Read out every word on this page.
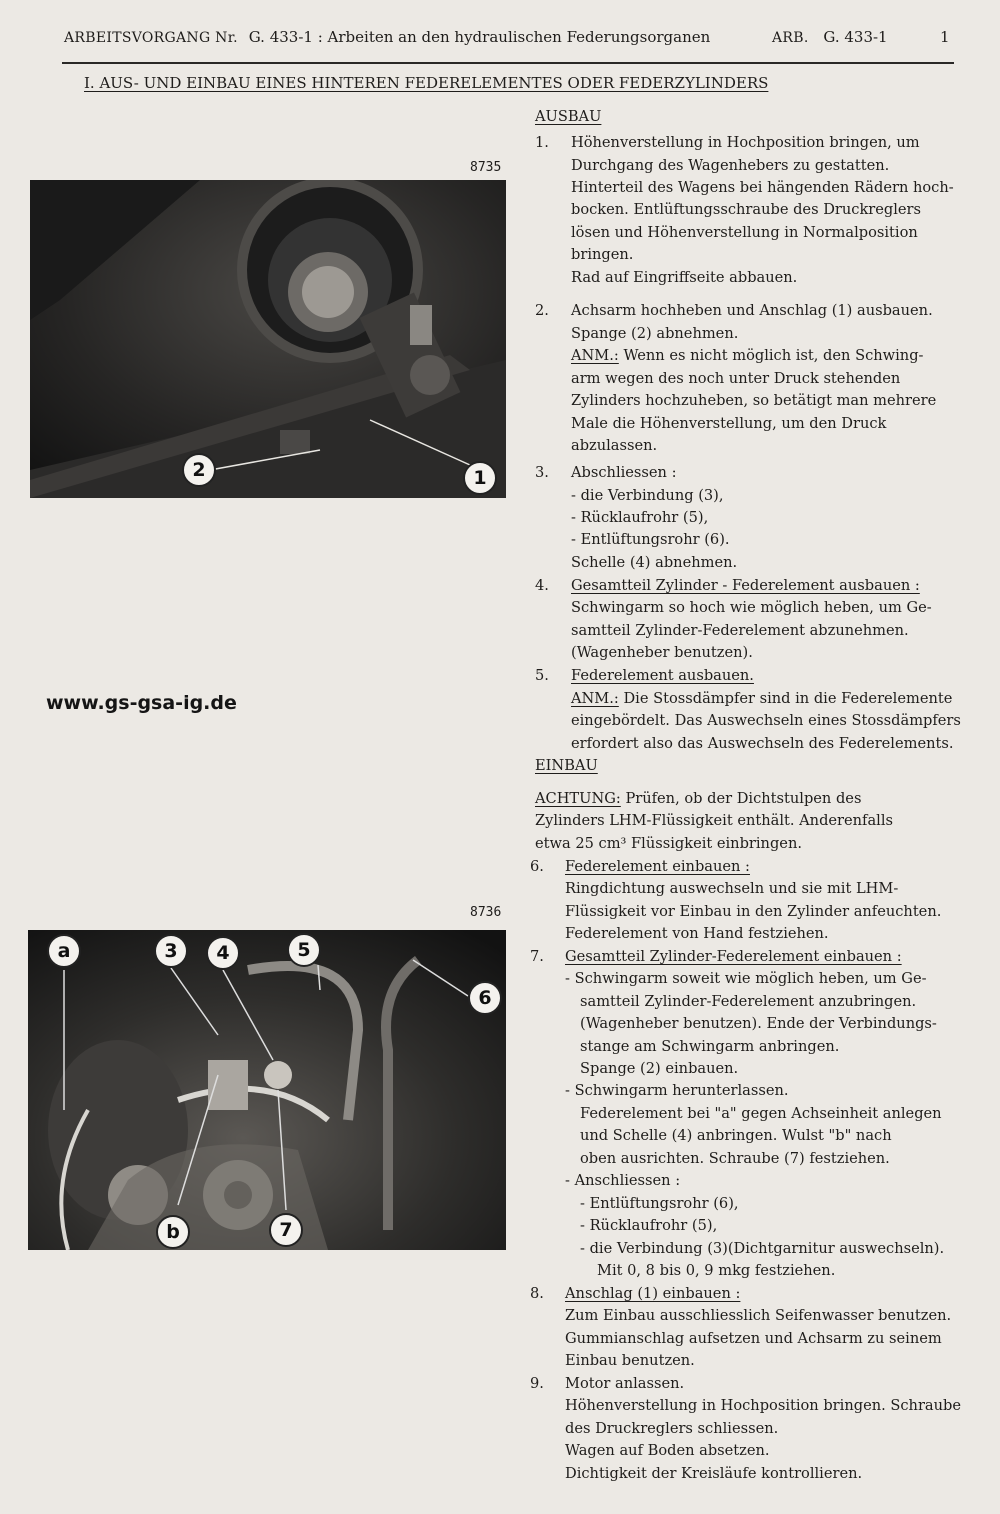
ARBEITSVORGANG Nr. G. 433-1 : Arbeiten an den hydraulischen Federungsorganen	ARB. G. 433-1	1
I. AUS- UND EINBAU EINES HINTEREN FEDERELEMENTES ODER FEDERZYLINDERS
8735
2	1
www.gs-gsa-ig.de
8736
a	3	4	5
6
b	7
AUSBAU
1. Höhenverstellung in Hochposition bringen, um
Durchgang des Wagenhebers zu gestatten.
Hinterteil des Wagens bei hängenden Rädern hoch-
bocken. Entlüftungsschraube des Druckreglers
lösen und Höhenverstellung in Normalposition
bringen.
Rad auf Eingriffseite abbauen.
2. Achsarm hochheben und Anschlag (1) ausbauen.
Spange (2) abnehmen.
ANM.: Wenn es nicht möglich ist, den Schwing-
arm wegen des noch unter Druck stehenden
Zylinders hochzuheben, so betätigt man mehrere
Male die Höhenverstellung, um den Druck
abzulassen.
3. Abschliessen :
- die Verbindung (3),
- Rücklaufrohr (5),
- Entlüftungsrohr (6).
Schelle (4) abnehmen.
4. Gesamtteil Zylinder - Federelement ausbauen :
Schwingarm so hoch wie möglich heben, um Ge-
samtteil Zylinder-Federelement abzunehmen.
(Wagenheber benutzen).
5. Federelement ausbauen.
ANM.: Die Stossdämpfer sind in die Federelemente
eingebördelt. Das Auswechseln eines Stossdämpfers
erfordert also das Auswechseln des Federelements.
EINBAU
ACHTUNG: Prüfen, ob der Dichtstulpen des
Zylinders LHM-Flüssigkeit enthält. Anderenfalls
etwa 25 cm³ Flüssigkeit einbringen.
6. Federelement einbauen :
Ringdichtung auswechseln und sie mit LHM-
Flüssigkeit vor Einbau in den Zylinder anfeuchten.
Federelement von Hand festziehen.
7. Gesamtteil Zylinder-Federelement einbauen :
- Schwingarm soweit wie möglich heben, um Ge-
samtteil Zylinder-Federelement anzubringen.
(Wagenheber benutzen). Ende der Verbindungs-
stange am Schwingarm anbringen.
Spange (2) einbauen.
- Schwingarm herunterlassen.
Federelement bei "a" gegen Achseinheit anlegen
und Schelle (4) anbringen. Wulst "b" nach
oben ausrichten. Schraube (7) festziehen.
- Anschliessen :
- Entlüftungsrohr (6),
- Rücklaufrohr (5),
- die Verbindung (3)(Dichtgarnitur auswechseln).
Mit 0, 8 bis 0, 9 mkg festziehen.
8. Anschlag (1) einbauen :
Zum Einbau ausschliesslich Seifenwasser benutzen.
Gummianschlag aufsetzen und Achsarm zu seinem
Einbau benutzen.
9. Motor anlassen.
Höhenverstellung in Hochposition bringen. Schraube
des Druckreglers schliessen.
Wagen auf Boden absetzen.
Dichtigkeit der Kreisläufe kontrollieren.
